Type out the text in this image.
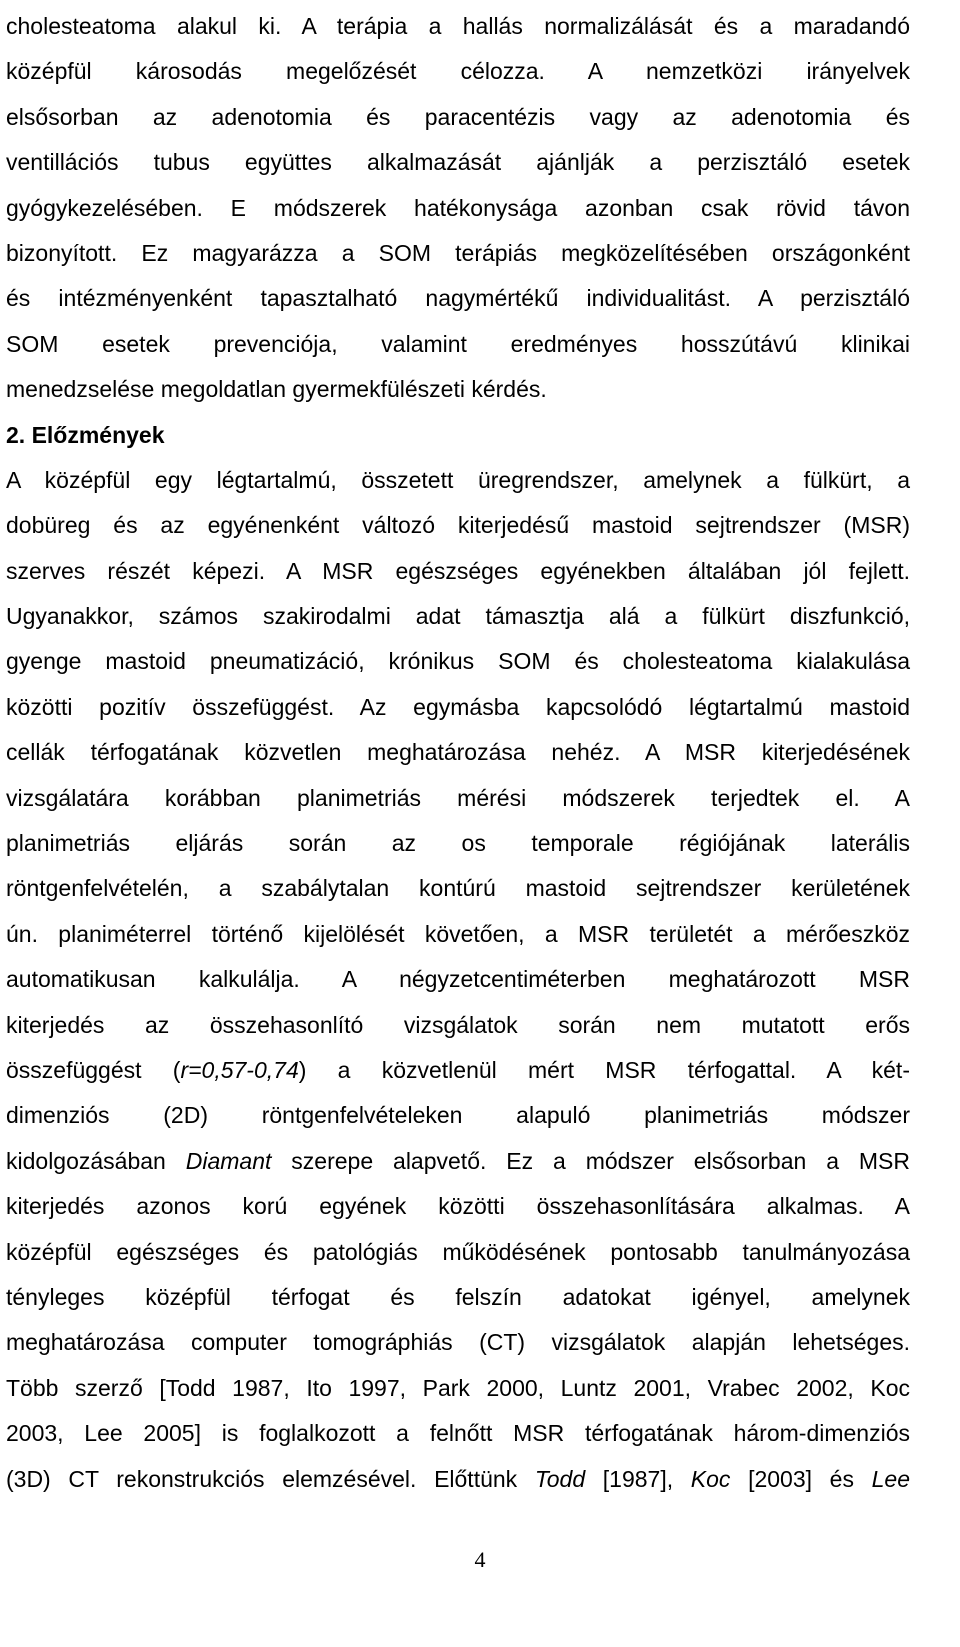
cholesteatoma alakul ki. A terápia a hallás normalizálását és a maradandó
középfül károsodás megelőzését célozza. A nemzetközi irányelvek
elsősorban az adenotomia és paracentézis vagy az adenotomia és
ventillációs tubus együttes alkalmazását ajánlják a perzisztáló esetek
gyógykezelésében. E módszerek hatékonysága azonban csak rövid távon
bizonyított. Ez magyarázza a SOM terápiás megközelítésében országonként
és intézményenként tapasztalható nagymértékű individualitást. A perzisztáló
SOM esetek prevenciója, valamint eredményes hosszútávú klinikai
menedzselése megoldatlan gyermekfülészeti kérdés.
2. Előzmények
A középfül egy légtartalmú, összetett üregrendszer, amelynek a fülkürt, a
dobüreg és az egyénenként változó kiterjedésű mastoid sejtrendszer (MSR)
szerves részét képezi. A MSR egészséges egyénekben általában jól fejlett.
Ugyanakkor, számos szakirodalmi adat támasztja alá a fülkürt diszfunkció,
gyenge mastoid pneumatizáció, krónikus SOM és cholesteatoma kialakulása
közötti pozitív összefüggést. Az egymásba kapcsolódó légtartalmú mastoid
cellák térfogatának közvetlen meghatározása nehéz. A MSR kiterjedésének
vizsgálatára korábban planimetriás mérési módszerek terjedtek el. A
planimetriás eljárás során az os temporale régiójának laterális
röntgenfelvételén, a szabálytalan kontúrú mastoid sejtrendszer kerületének
ún. planiméterrel történő kijelölését követően, a MSR területét a mérőeszköz
automatikusan kalkulálja. A négyzetcentiméterben meghatározott MSR
kiterjedés az összehasonlító vizsgálatok során nem mutatott erős
összefüggést (r=0,57-0,74) a közvetlenül mért MSR térfogattal. A két-
dimenziós (2D) röntgenfelvételeken alapuló planimetriás módszer
kidolgozásában Diamant szerepe alapvető. Ez a módszer elsősorban a MSR
kiterjedés azonos korú egyének közötti összehasonlítására alkalmas. A
középfül egészséges és patológiás működésének pontosabb tanulmányozása
tényleges középfül térfogat és felszín adatokat igényel, amelynek
meghatározása computer tomográphiás (CT) vizsgálatok alapján lehetséges.
Több szerző [Todd 1987, Ito 1997, Park 2000, Luntz 2001, Vrabec 2002, Koc
2003, Lee 2005] is foglalkozott a felnőtt MSR térfogatának három-dimenziós
(3D) CT rekonstrukciós elemzésével. Előttünk Todd [1987], Koc [2003] és Lee
4
